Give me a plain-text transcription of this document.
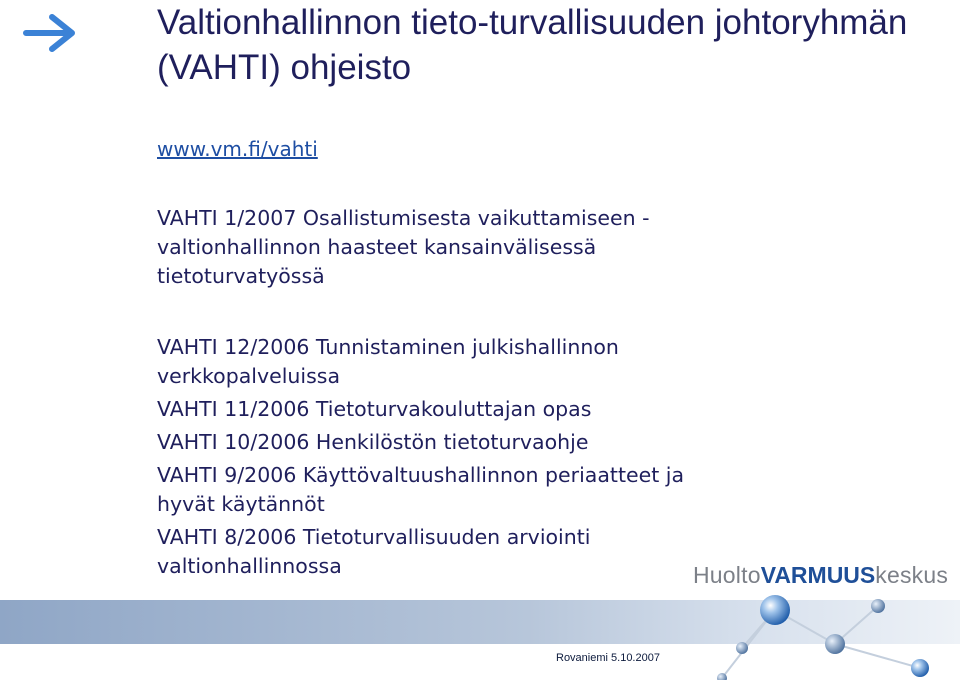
Valtionhallinnon tieto-turvallisuuden johtoryhmän (VAHTI) ohjeisto
www.vm.fi/vahti

VAHTI 1/2007 Osallistumisesta vaikuttamiseen -
valtionhallinnon haasteet kansainvälisessä
tietoturvatyössä

VAHTI 12/2006 Tunnistaminen julkishallinnon
verkkopalveluissa

VAHTI 11/2006 Tietoturvakouluttajan opas

VAHTI 10/2006 Henkilöstön tietoturvaohje

VAHTI 9/2006 Käyttövaltuushallinnon periaatteet ja
hyvät käytännöt

VAHTI 8/2006 Tietoturvallisuuden arviointi
valtionhallinnossa	HuoltoVARMUUSkeskus
Rovaniemi 5.10.2007
